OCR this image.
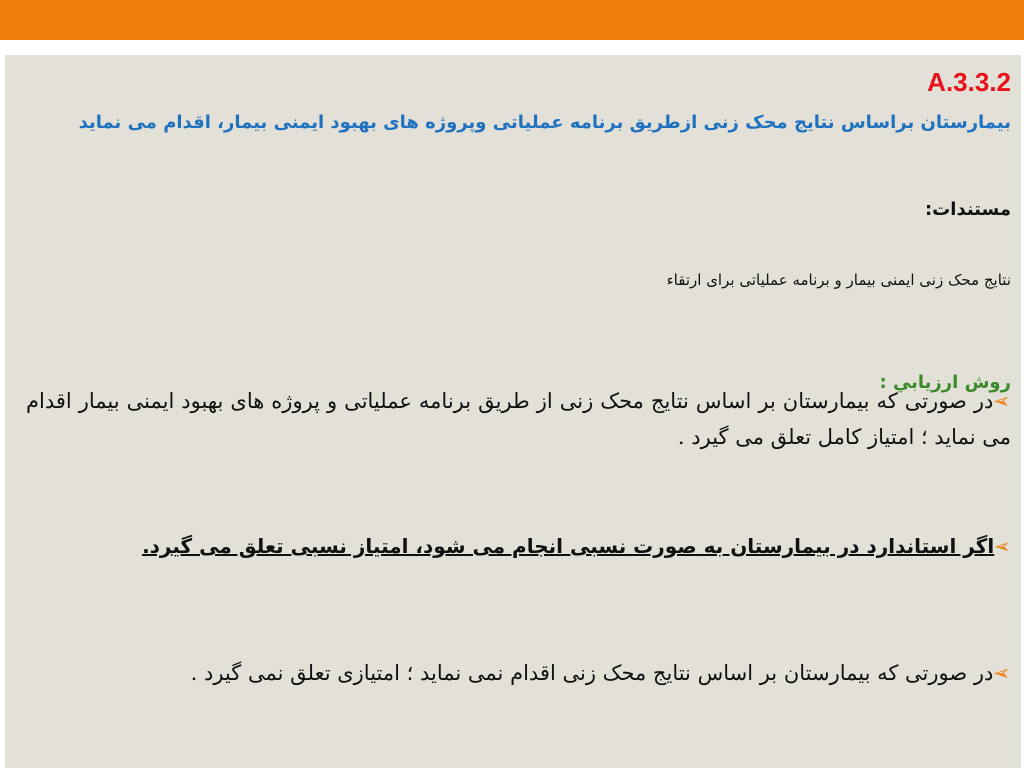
A.3.3.2

بیمارستان براساس نتایج محک زنی ازطریق برنامه عملیاتی وپروژه های بهبود ایمنی بیمار، اقدام می نماید

مستندات:

نتایج محک زنی ایمنی بیمار و برنامه عملیاتی برای ارتقاء

روش ارزيابي :

➢در صورتی که بیمارستان بر اساس نتایج محک زنی از طریق برنامه عملیاتی و پروژه های بهبود ایمنی بیمار اقدام می نماید ؛ امتیاز کامل تعلق می گیرد .

➢اگر استاندارد در بیمارستان به صورت نسبی انجام می شود، امتیاز نسبی تعلق می گیرد.

➢در صورتی که بیمارستان بر اساس نتایج محک زنی اقدام نمی نماید ؛ امتیازی تعلق نمی گیرد .
